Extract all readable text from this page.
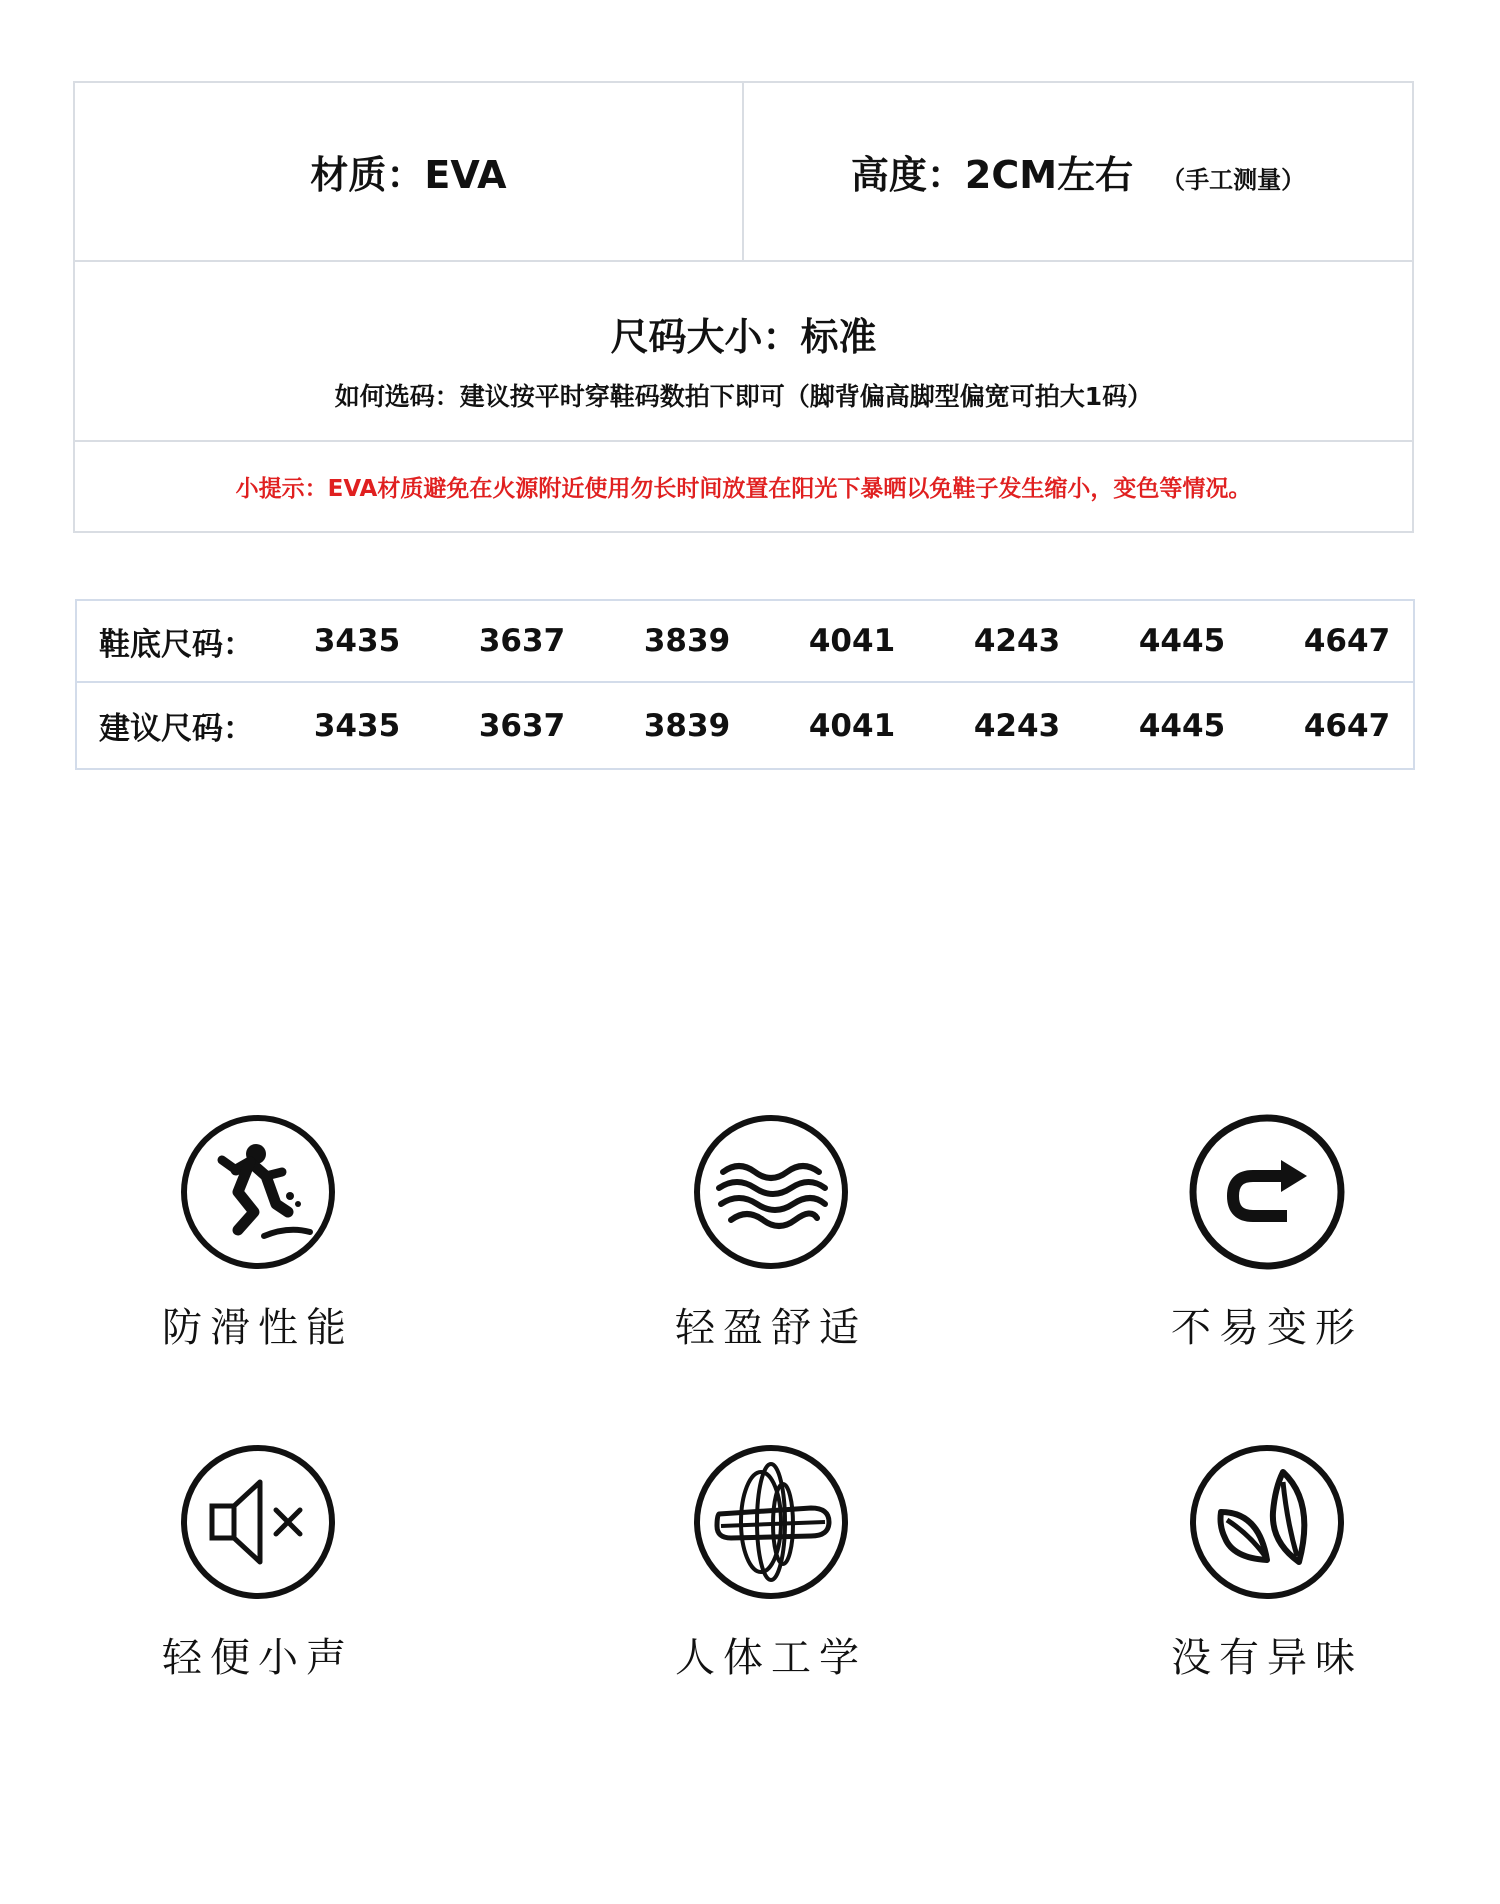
材质：EVA	高度：2CM左右 （手工测量）
尺码大小：标准
如何选码：建议按平时穿鞋码数拍下即可（脚背偏高脚型偏宽可拍大1码）
小提示：EVA材质避免在火源附近使用勿长时间放置在阳光下暴晒以免鞋子发生缩小，变色等情况。
鞋底尺码：	3435	3637	3839	4041	4243	4445	4647
建议尺码：	3435	3637	3839	4041	4243	4445	4647
防滑性能	轻盈舒适	不易变形
轻便小声	人体工学	没有异味
